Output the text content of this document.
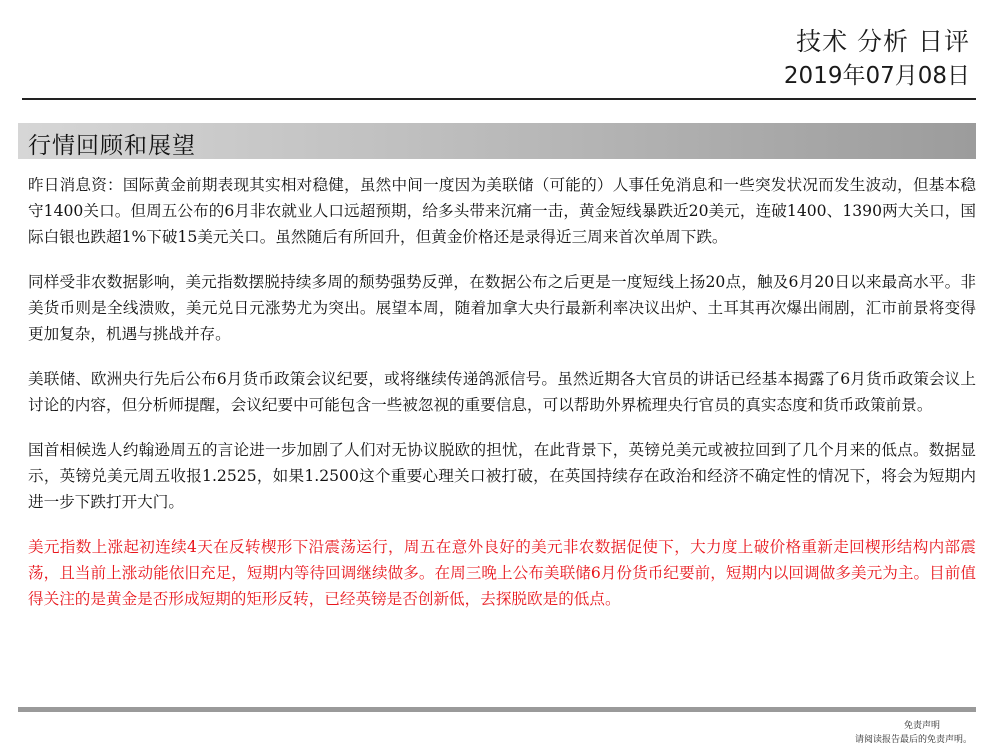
技术 分析 日评
2019年07月08日
行情回顾和展望

昨日消息资：国际黄金前期表现其实相对稳健，虽然中间一度因为美联储（可能的）人事任免消息和一些突发状况而发生波动，但基本稳守1400关口。但周五公布的6月非农就业人口远超预期，给多头带来沉痛一击，黄金短线暴跌近20美元，连破1400、1390两大关口，国际白银也跌超1%下破15美元关口。虽然随后有所回升，但黄金价格还是录得近三周来首次单周下跌。

同样受非农数据影响，美元指数摆脱持续多周的颓势强势反弹，在数据公布之后更是一度短线上扬20点，触及6月20日以来最高水平。非美货币则是全线溃败，美元兑日元涨势尤为突出。展望本周，随着加拿大央行最新利率决议出炉、土耳其再次爆出闹剧，汇市前景将变得更加复杂，机遇与挑战并存。

美联储、欧洲央行先后公布6月货币政策会议纪要，或将继续传递鸽派信号。虽然近期各大官员的讲话已经基本揭露了6月货币政策会议上讨论的内容，但分析师提醒，会议纪要中可能包含一些被忽视的重要信息，可以帮助外界梳理央行官员的真实态度和货币政策前景。

国首相候选人约翰逊周五的言论进一步加剧了人们对无协议脱欧的担忧，在此背景下，英镑兑美元或被拉回到了几个月来的低点。数据显示，英镑兑美元周五收报1.2525，如果1.2500这个重要心理关口被打破，在英国持续存在政治和经济不确定性的情况下，将会为短期内进一步下跌打开大门。

美元指数上涨起初连续4天在反转楔形下沿震荡运行，周五在意外良好的美元非农数据促使下，大力度上破价格重新走回楔形结构内部震荡，且当前上涨动能依旧充足，短期内等待回调继续做多。在周三晚上公布美联储6月份货币纪要前，短期内以回调做多美元为主。目前值得关注的是黄金是否形成短期的矩形反转，已经英镑是否创新低，去探脱欧是的低点。

免责声明
请阅读报告最后的免责声明。
